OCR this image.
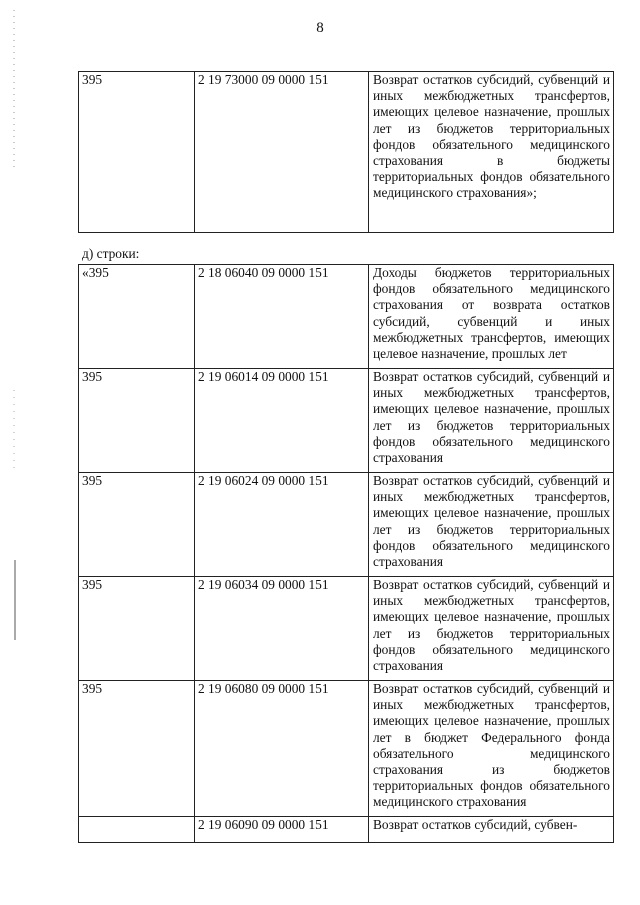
8
395	2 19 73000 09 0000 151	Возврат остатков субсидий, субвенций и иных межбюджетных трансфертов, имеющих целевое назначение, прошлых лет из бюджетов территориальных фондов обязательного медицинского страхования в бюджеты территориальных фондов обязательного медицинского страхования»;
д) строки:
«395	2 18 06040 09 0000 151	Доходы бюджетов территориальных фондов обязательного медицинского страхования от возврата остатков субсидий, субвенций и иных межбюджетных трансфертов, имеющих целевое назначение, прошлых лет
395	2 19 06014 09 0000 151	Возврат остатков субсидий, субвенций и иных межбюджетных трансфертов, имеющих целевое назначение, прошлых лет из бюджетов территориальных фондов обязательного медицинского страхования
395	2 19 06024 09 0000 151	Возврат остатков субсидий, субвенций и иных межбюджетных трансфертов, имеющих целевое назначение, прошлых лет из бюджетов территориальных фондов обязательного медицинского страхования
395	2 19 06034 09 0000 151	Возврат остатков субсидий, субвенций и иных межбюджетных трансфертов, имеющих целевое назначение, прошлых лет из бюджетов территориальных фондов обязательного медицинского страхования
395	2 19 06080 09 0000 151	Возврат остатков субсидий, субвенций и иных межбюджетных трансфертов, имеющих целевое назначение, прошлых лет в бюджет Федерального фонда обязательного медицинского страхования из бюджетов территориальных фондов обязательного медицинского страхования
	2 19 06090 09 0000 151	Возврат остатков субсидий, субвен-
